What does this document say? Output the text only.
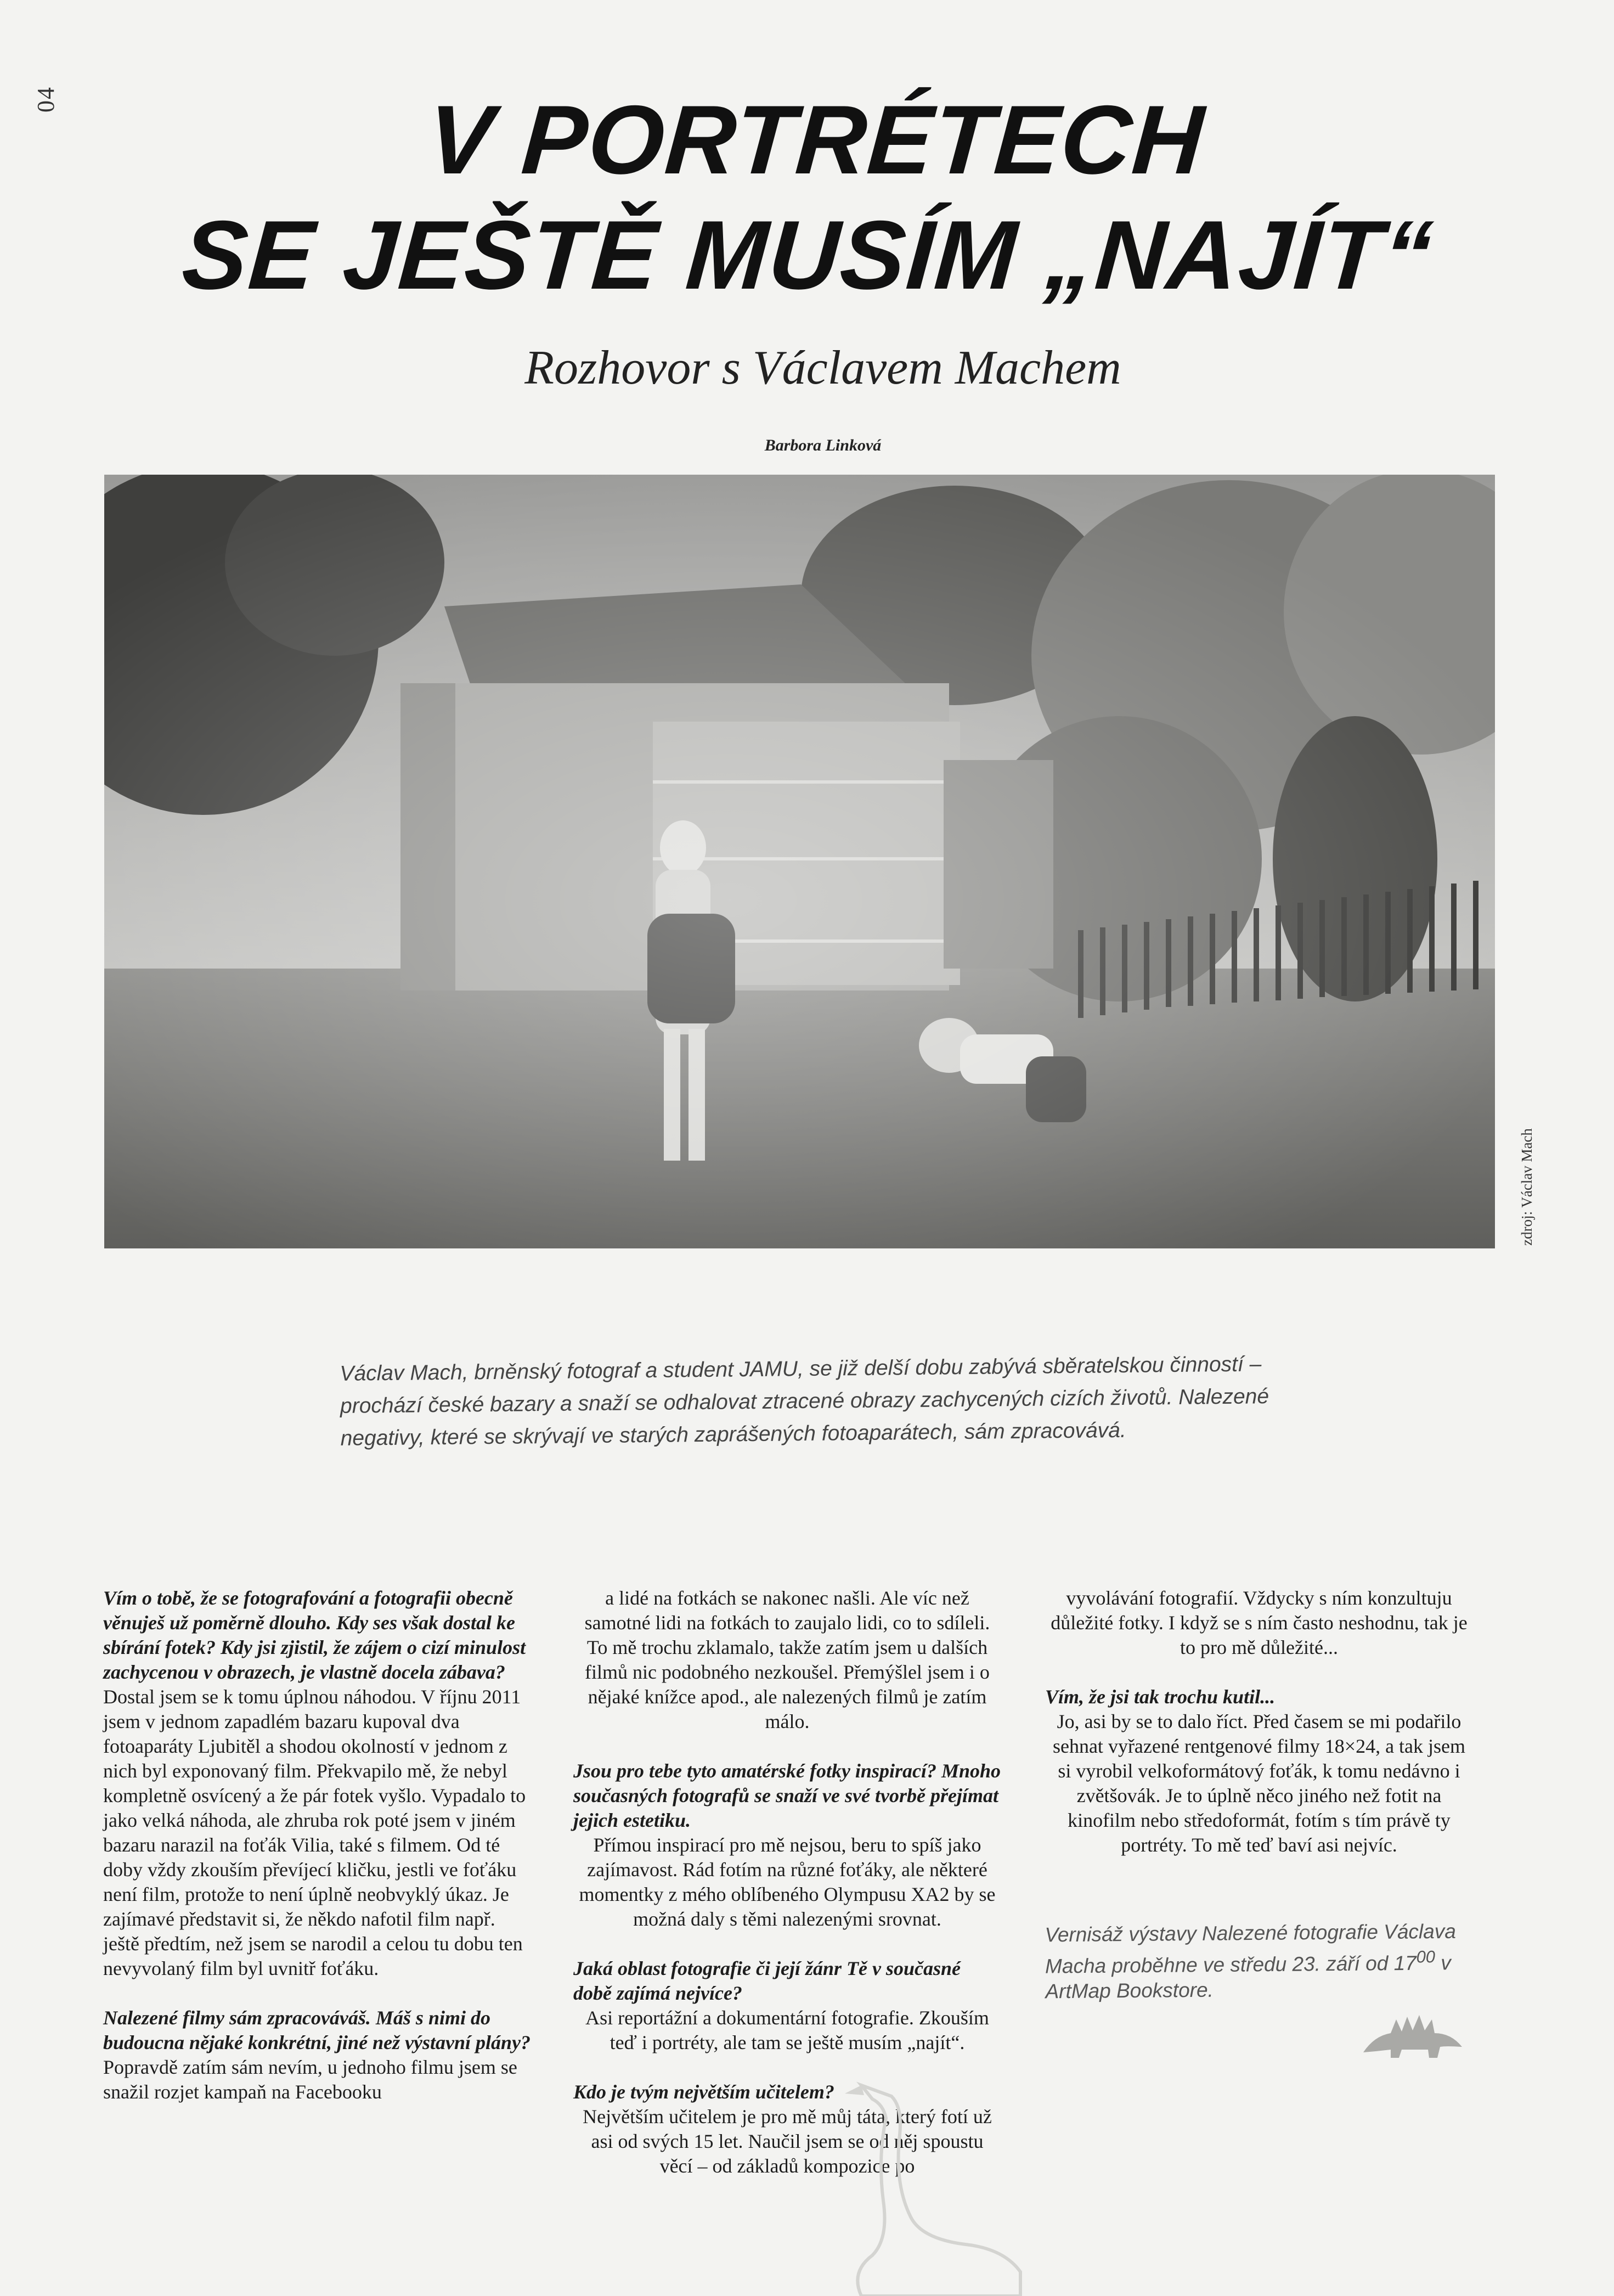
04	V PORTRÉTECH
SE JEŠTĚ MUSÍM „NAJÍT“
Rozhovor s Václavem Machem
Barbora Linková
zdroj: Václav Mach
Václav Mach, brněnský fotograf a student JAMU, se již delší dobu zabývá sběratelskou činností – prochází české bazary a snaží se odhalovat ztracené obrazy zachycených cizích životů. Nalezené negativy, které se skrývají ve starých zaprášených fotoaparátech, sám zpracovává.

Vím o tobě, že se fotografování a fotografii obecně věnuješ už poměrně dlouho. Kdy ses však dostal ke sbírání fotek? Kdy jsi zjistil, že zájem o cizí minulost zachycenou v obrazech, je vlastně docela zábava?

Dostal jsem se k tomu úplnou náhodou. V říjnu 2011 jsem v jednom zapadlém bazaru kupoval dva fotoaparáty Ljubitěl a shodou okolností v jednom z nich byl exponovaný film. Překvapilo mě, že nebyl kompletně osvícený a že pár fotek vyšlo. Vypadalo to jako velká náhoda, ale zhruba rok poté jsem v jiném bazaru narazil na foťák Vilia, také s filmem. Od té doby vždy zkouším převíjecí kličku, jestli ve foťáku není film, protože to není úplně neobvyklý úkaz. Je zajímavé představit si, že někdo nafotil film např. ještě předtím, než jsem se narodil a celou tu dobu ten nevyvolaný film byl uvnitř foťáku.

Nalezené filmy sám zpracováváš. Máš s nimi do budoucna nějaké konkrétní, jiné než výstavní plány?

Popravdě zatím sám nevím, u jednoho filmu jsem se snažil rozjet kampaň na Facebooku

a lidé na fotkách se nakonec našli. Ale víc než samotné lidi na fotkách to zaujalo lidi, co to sdíleli. To mě trochu zklamalo, takže zatím jsem u dalších filmů nic podobného nezkoušel. Přemýšlel jsem i o nějaké knížce apod., ale nalezených filmů je zatím málo.

Jsou pro tebe tyto amatérské fotky inspirací? Mnoho současných fotografů se snaží ve své tvorbě přejímat jejich estetiku.

Přímou inspirací pro mě nejsou, beru to spíš jako zajímavost. Rád fotím na různé foťáky, ale některé momentky z mého oblíbeného Olympusu XA2 by se možná daly s těmi nalezenými srovnat.

Jaká oblast fotografie či její žánr Tě v současné době zajímá nejvíce?

Asi reportážní a dokumentární fotografie. Zkouším teď i portréty, ale tam se ještě musím „najít“.

Kdo je tvým největším učitelem?

Největším učitelem je pro mě můj táta, který fotí už asi od svých 15 let. Naučil jsem se od něj spoustu věcí – od základů kompozice po

vyvolávání fotografií. Vždycky s ním konzultuju důležité fotky. I když se s ním často neshodnu, tak je to pro mě důležité...

Vím, že jsi tak trochu kutil...

Jo, asi by se to dalo říct. Před časem se mi podařilo sehnat vyřazené rentgenové filmy 18×24, a tak jsem si vyrobil velkoformátový foťák, k tomu nedávno i zvětšovák. Je to úplně něco jiného než fotit na kinofilm nebo středoformát, fotím s tím právě ty portréty. To mě teď baví asi nejvíc.

Vernisáž výstavy Nalezené fotografie Václava Macha proběhne ve středu 23. září od $17^{00}$ v ArtMap Bookstore.
